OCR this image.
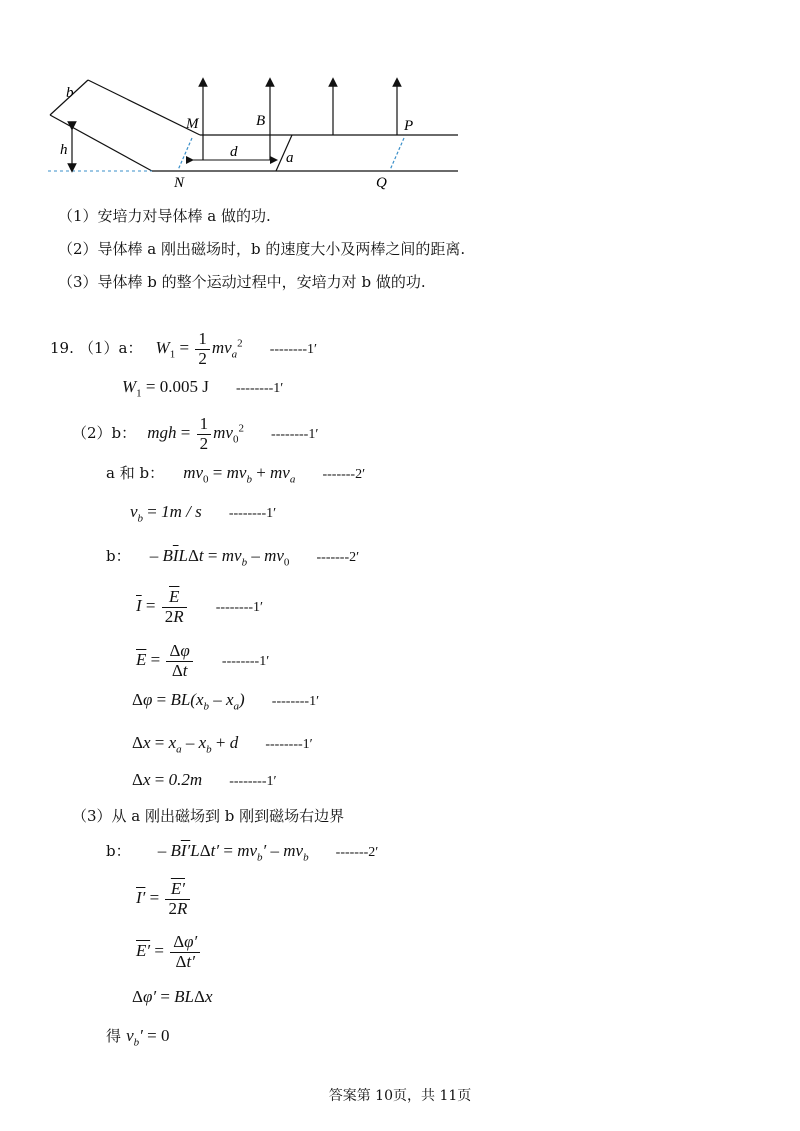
b
h
M	B	P
d	a
N	Q
（1）安培力对导体棒 a 做的功.
（2）导体棒 a 刚出磁场时，b 的速度大小及两棒之间的距离.
（3）导体棒 b 的整个运动过程中，安培力对 b 做的功.
19. （1）a： $W_1 = \frac{1}{2} mv_a^2$ --------1′
$W_1 = 0.005$ J --------1′
（2）b： mgh = $\frac{1}{2} mv_0^2$ --------1′
a 和 b： $mv_0 = mv_b + mv_a$ -------2′
$v_b = 1m / s$ --------1′
b： – $B\overline{I}L\Delta t = mv_b - mv_0$ -------2′
$\overline{I} = \frac{\overline{E}}{2R} --------1'$
$\overline{E} = \frac{\Delta\varphi}{\Delta t} --------1'$
$\Delta\varphi = BL(x_b - x_a)$ --------1′
$\Delta x = x_a - x_b + d$ --------1′
Δx = 0.2m --------1′
（3）从 a 刚出磁场到 b 刚到磁场右边界
b： – $BI'L\Delta t' = mv_b' - mv_b$ -------2′
$I' = \frac{E'}{2R}$
$E' = \frac{\Delta\varphi'}{\Delta t'}$
Δφ′ = BLΔx
得 $v_b' = 0$
答案第 10页，共 11页
